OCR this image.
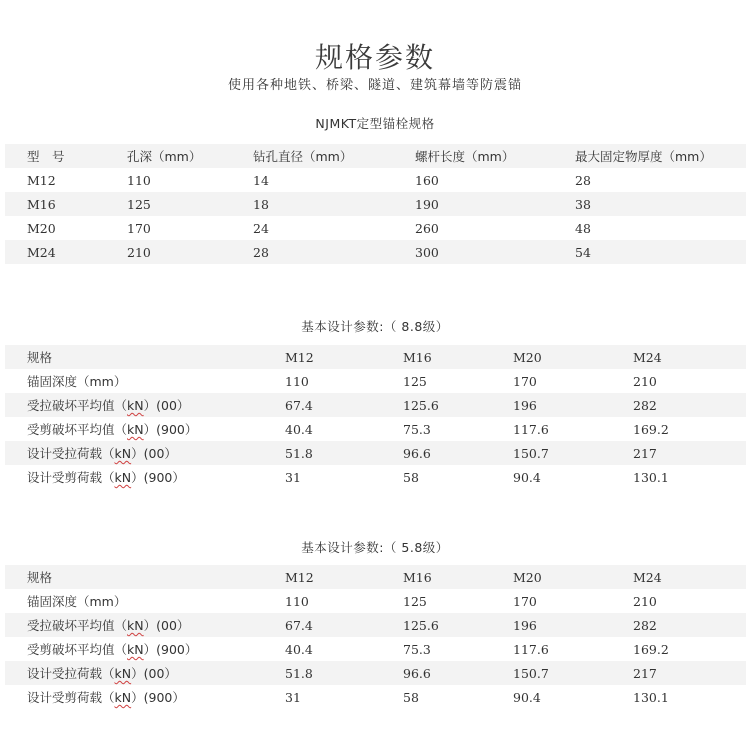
规格参数
使用各种地铁、桥梁、隧道、建筑幕墙等防震锚
NJMKT定型锚栓规格
型　号	孔深（mm）	钻孔直径（mm）	螺杆长度（mm）	最大固定物厚度（mm）
M12	110	14	160	28
M16	125	18	190	38
M20	170	24	260	48
M24	210	28	300	54
基本设计参数:（ 8.8级）
规格	M12	M16	M20	M24
锚固深度（mm）	110	125	170	210
受拉破坏平均值（kN）(00）	67.4	125.6	196	282
受剪破坏平均值（kN）(900）	40.4	75.3	117.6	169.2
设计受拉荷载（kN）(00）	51.8	96.6	150.7	217
设计受剪荷载（kN）(900）	31	58	90.4	130.1
基本设计参数:（ 5.8级）
规格	M12	M16	M20	M24
锚固深度（mm）	110	125	170	210
受拉破坏平均值（kN）(00）	67.4	125.6	196	282
受剪破坏平均值（kN）(900）	40.4	75.3	117.6	169.2
设计受拉荷载（kN）(00）	51.8	96.6	150.7	217
设计受剪荷载（kN）(900）	31	58	90.4	130.1
